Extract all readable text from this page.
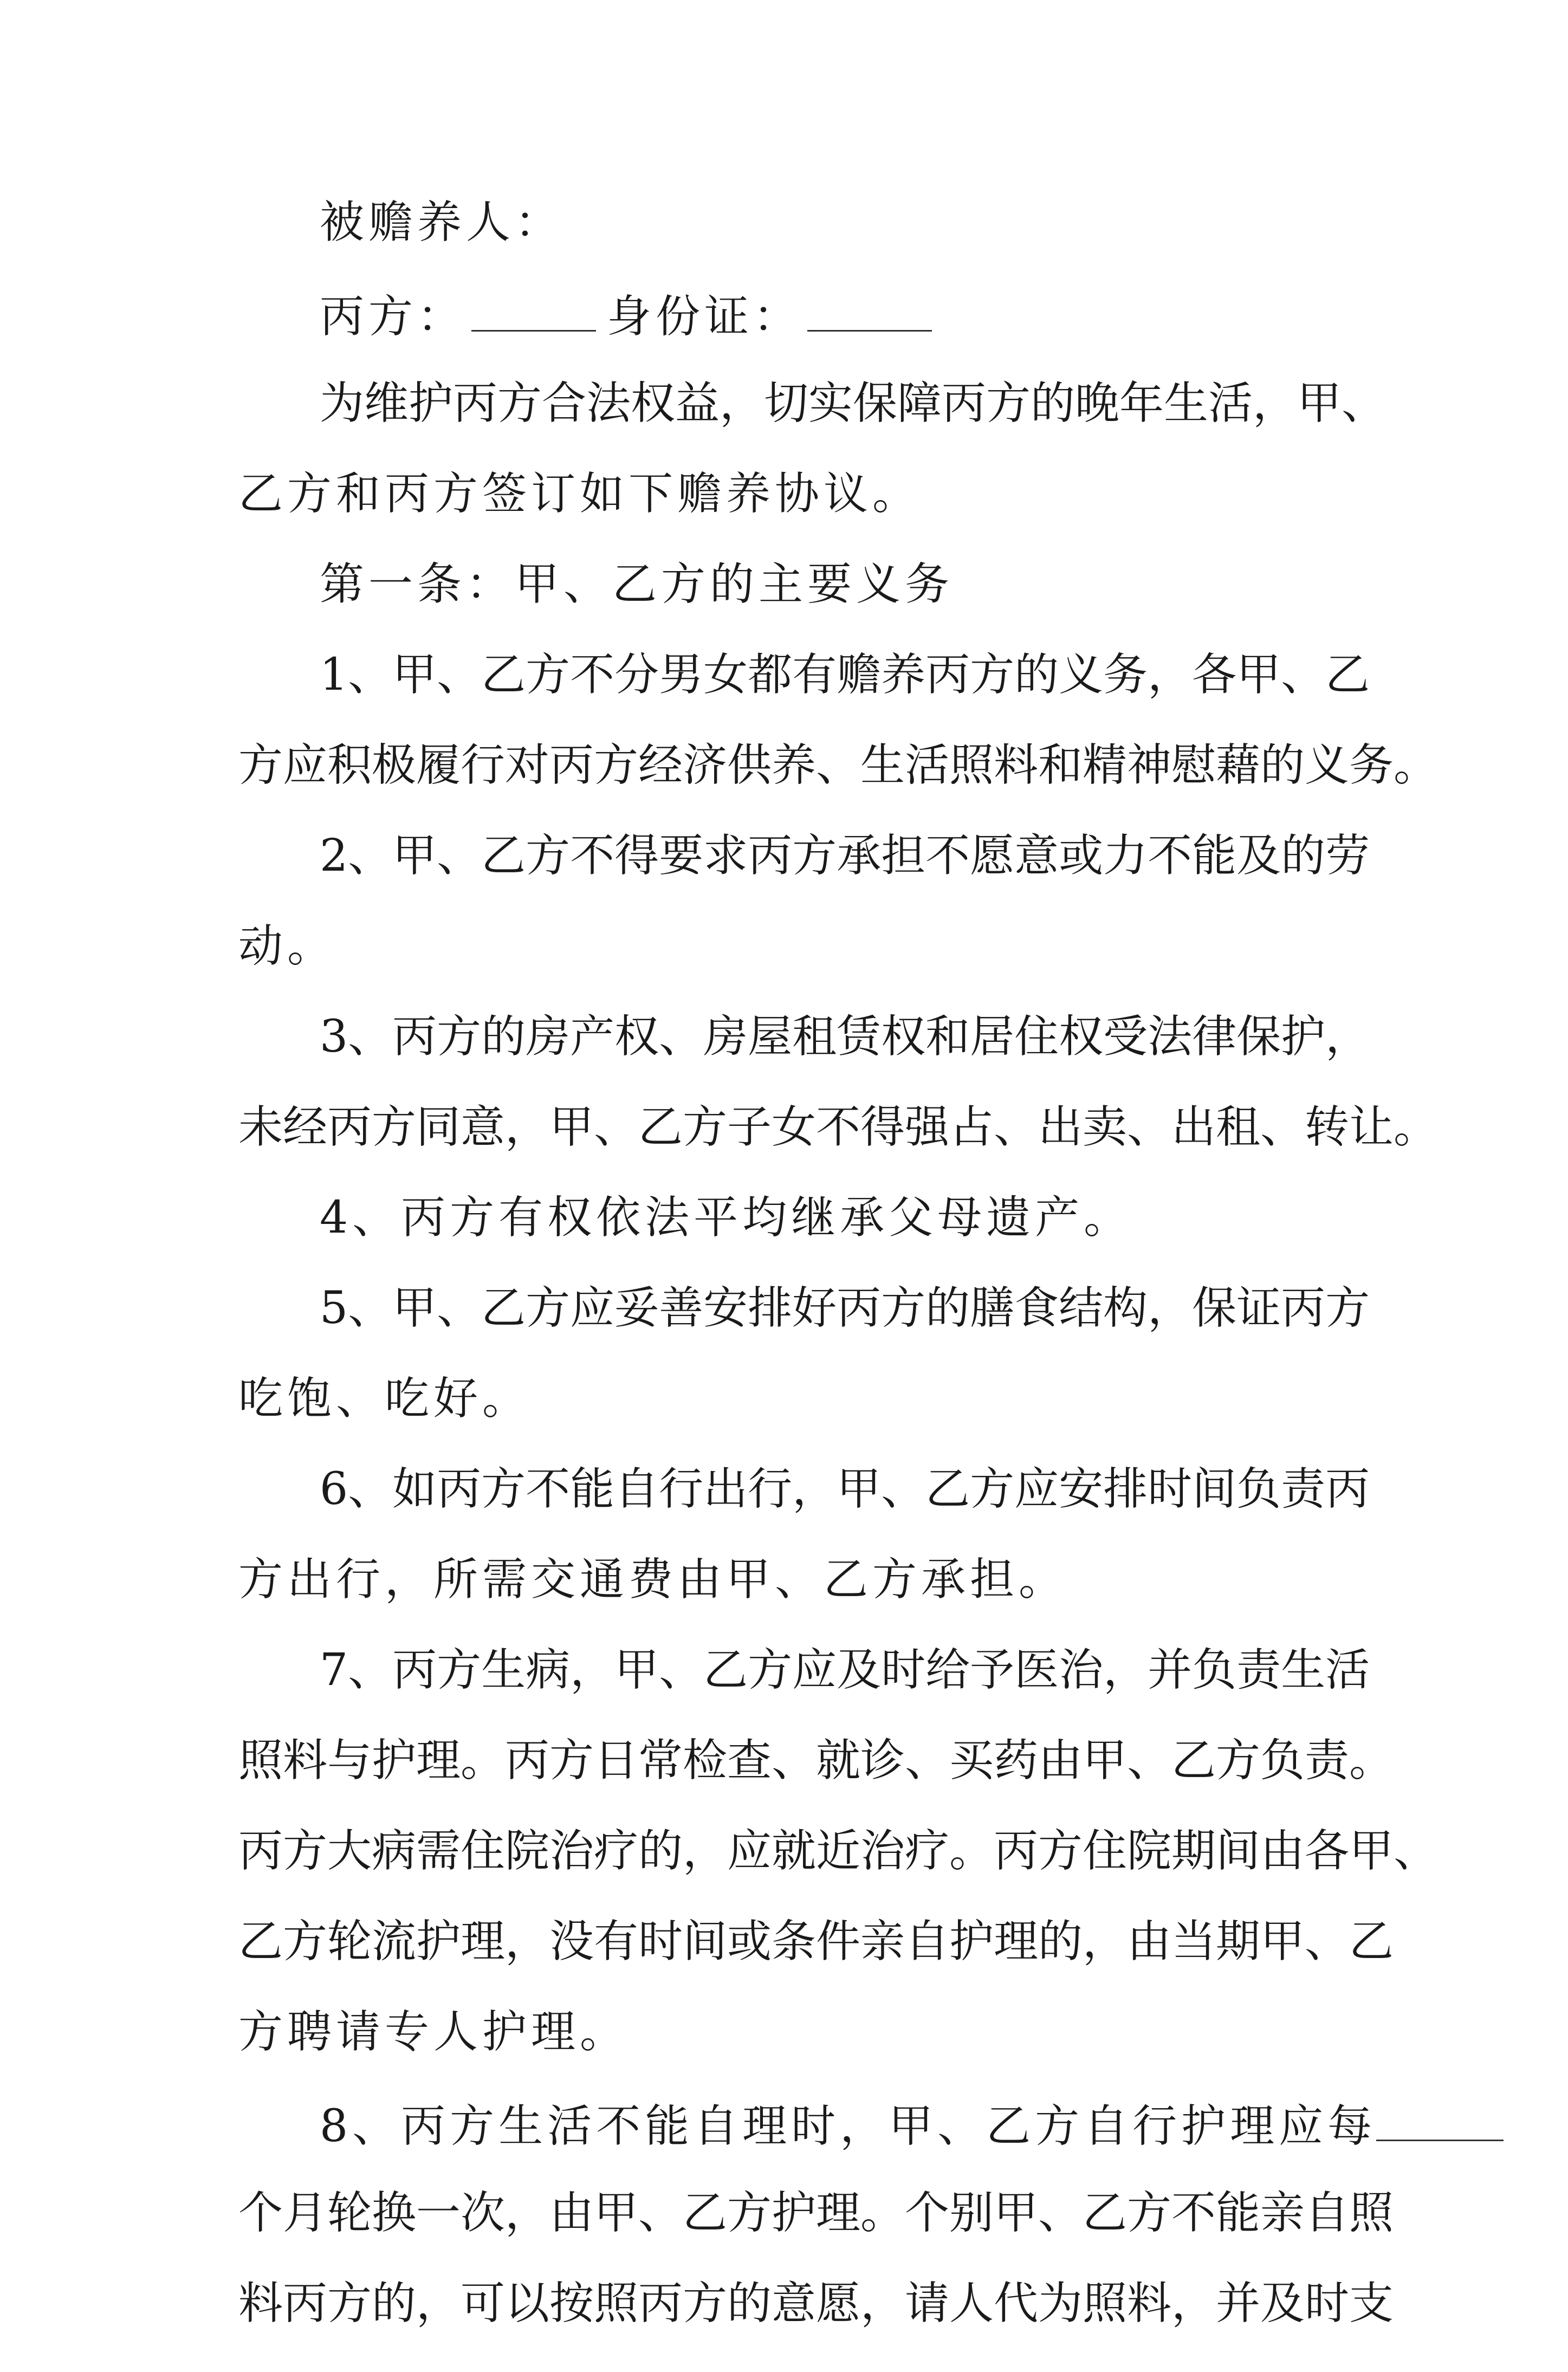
被赡养人：
丙方：	身份证：
为维护丙方合法权益，切实保障丙方的晚年生活，甲、
乙方和丙方签订如下赡养协议。
第一条：甲、乙方的主要义务
1、甲、乙方不分男女都有赡养丙方的义务，各甲、乙
方应积极履行对丙方经济供养、生活照料和精神慰藉的义务。
2、甲、乙方不得要求丙方承担不愿意或力不能及的劳
动。
3、丙方的房产权、房屋租赁权和居住权受法律保护，
未经丙方同意，甲、乙方子女不得强占、出卖、出租、转让。
4、丙方有权依法平均继承父母遗产。
5、甲、乙方应妥善安排好丙方的膳食结构，保证丙方
吃饱、吃好。
6、如丙方不能自行出行，甲、乙方应安排时间负责丙
方出行，所需交通费由甲、乙方承担。
7、丙方生病，甲、乙方应及时给予医治，并负责生活
照料与护理。丙方日常检查、就诊、买药由甲、乙方负责。
丙方大病需住院治疗的，应就近治疗。丙方住院期间由各甲、
乙方轮流护理，没有时间或条件亲自护理的，由当期甲、乙
方聘请专人护理。
8、丙方生活不能自理时，甲、乙方自行护理应每
个月轮换一次，由甲、乙方护理。个别甲、乙方不能亲自照
料丙方的，可以按照丙方的意愿，请人代为照料，并及时支
